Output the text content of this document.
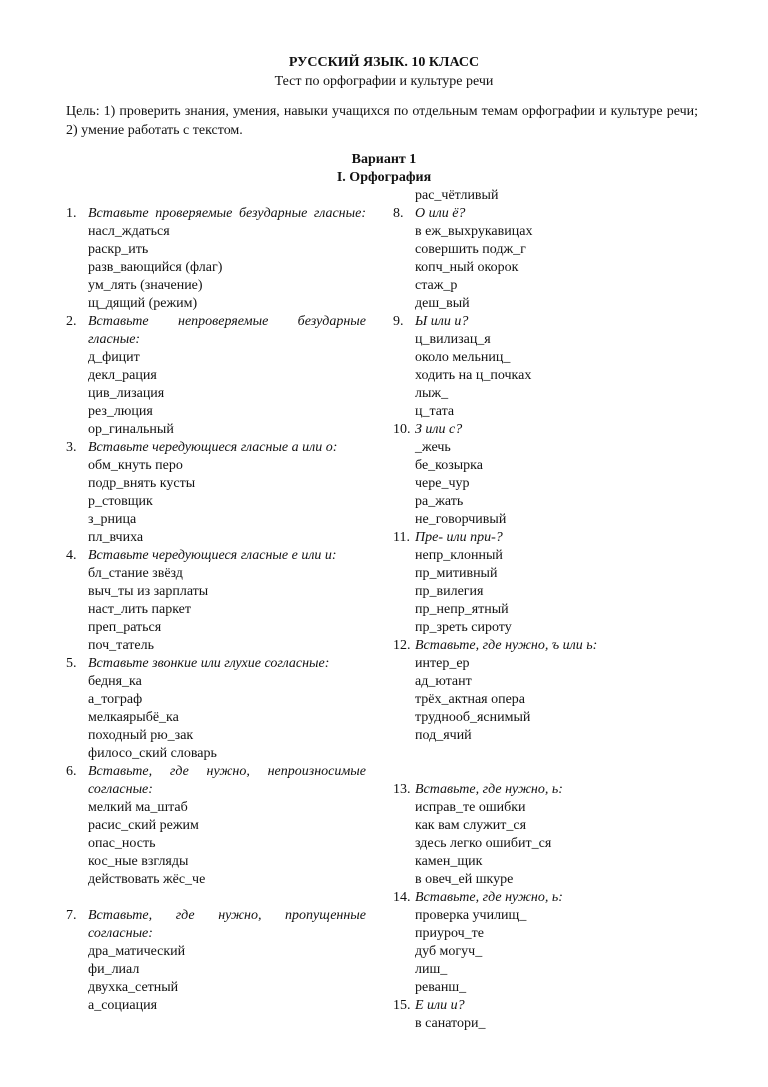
РУССКИЙ ЯЗЫК. 10 КЛАСС
Тест по орфографии и культуре речи
Цель: 1) проверить знания, умения, навыки учащихся по отдельным темам орфографии и культуре речи; 2) умение работать с текстом.
Вариант 1
I. Орфография
1. Вставьте проверяемые безударные гласные:
насл_ждаться
раскр_ить
разв_вающийся (флаг)
ум_лять (значение)
щ_дящий (режим)
2. Вставьте непроверяемые безударные гласные:
д_фицит
декл_рация
цив_лизация
рез_люция
ор_гинальный
3. Вставьте чередующиеся гласные а или о:
обм_кнуть перо
подр_внять кусты
р_стовщик
з_рница
пл_вчиха
4. Вставьте чередующиеся гласные е или и:
бл_стание звёзд
выч_ты из зарплаты
наст_лить паркет
преп_раться
поч_татель
5. Вставьте звонкие или глухие согласные:
бедня_ка
а_тограф
мелкаярыбё_ка
походный рю_зак
филосо_ский словарь
6. Вставьте, где нужно, непроизносимые согласные:
мелкий ма_штаб
расис_ский режим
опас_ность
кос_ные взгляды
действовать жёс_че
7. Вставьте, где нужно, пропущенные согласные:
дра_матический
фи_лиал
двухка_сетный
а_социация
рас_чётливый
8. О или ё?
в еж_выхрукавицах
совершить подж_г
копч_ный окорок
стаж_р
деш_вый
9. Ы или и?
ц_вилизац_я
около мельниц_
ходить на ц_почках
лыж_
ц_тата
10. З или с?
_жечь
бе_козырка
чере_чур
ра_жать
не_говорчивый
11. Пре- или при-?
непр_клонный
пр_митивный
пр_вилегия
пр_непр_ятный
пр_зреть сироту
12. Вставьте, где нужно, ъ или ь:
интер_ер
ад_ютант
трёх_актная опера
труднооб_яснимый
под_ячий
13. Вставьте, где нужно, ь:
исправ_те ошибки
как вам служит_ся
здесь легко ошибит_ся
камен_щик
в овеч_ей шкуре
14. Вставьте, где нужно, ь:
проверка училищ_
приуроч_те
дуб могуч_
лиш_
реванш_
15. Е или и?
в санатори_
